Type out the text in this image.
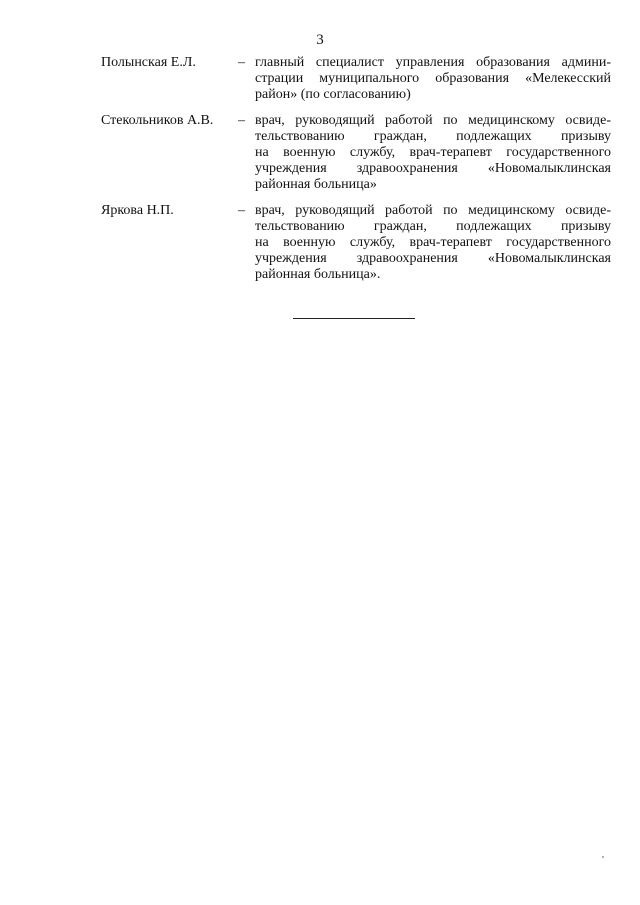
3
Полынская Е.Л.	– главный специалист управления образования админи-
страции муниципального образования «Мелекесский
район» (по согласованию)
Стекольников А.В. – врач, руководящий работой по медицинскому освиде-
тельствованию граждан, подлежащих призыву
на военную службу, врач-терапевт государственного
учреждения здравоохранения «Новомалыклинская
районная больница»
Яркова Н.П.	– врач, руководящий работой по медицинскому освиде-
тельствованию граждан, подлежащих призыву
на военную службу, врач-терапевт государственного
учреждения здравоохранения «Новомалыклинская
районная больница».
